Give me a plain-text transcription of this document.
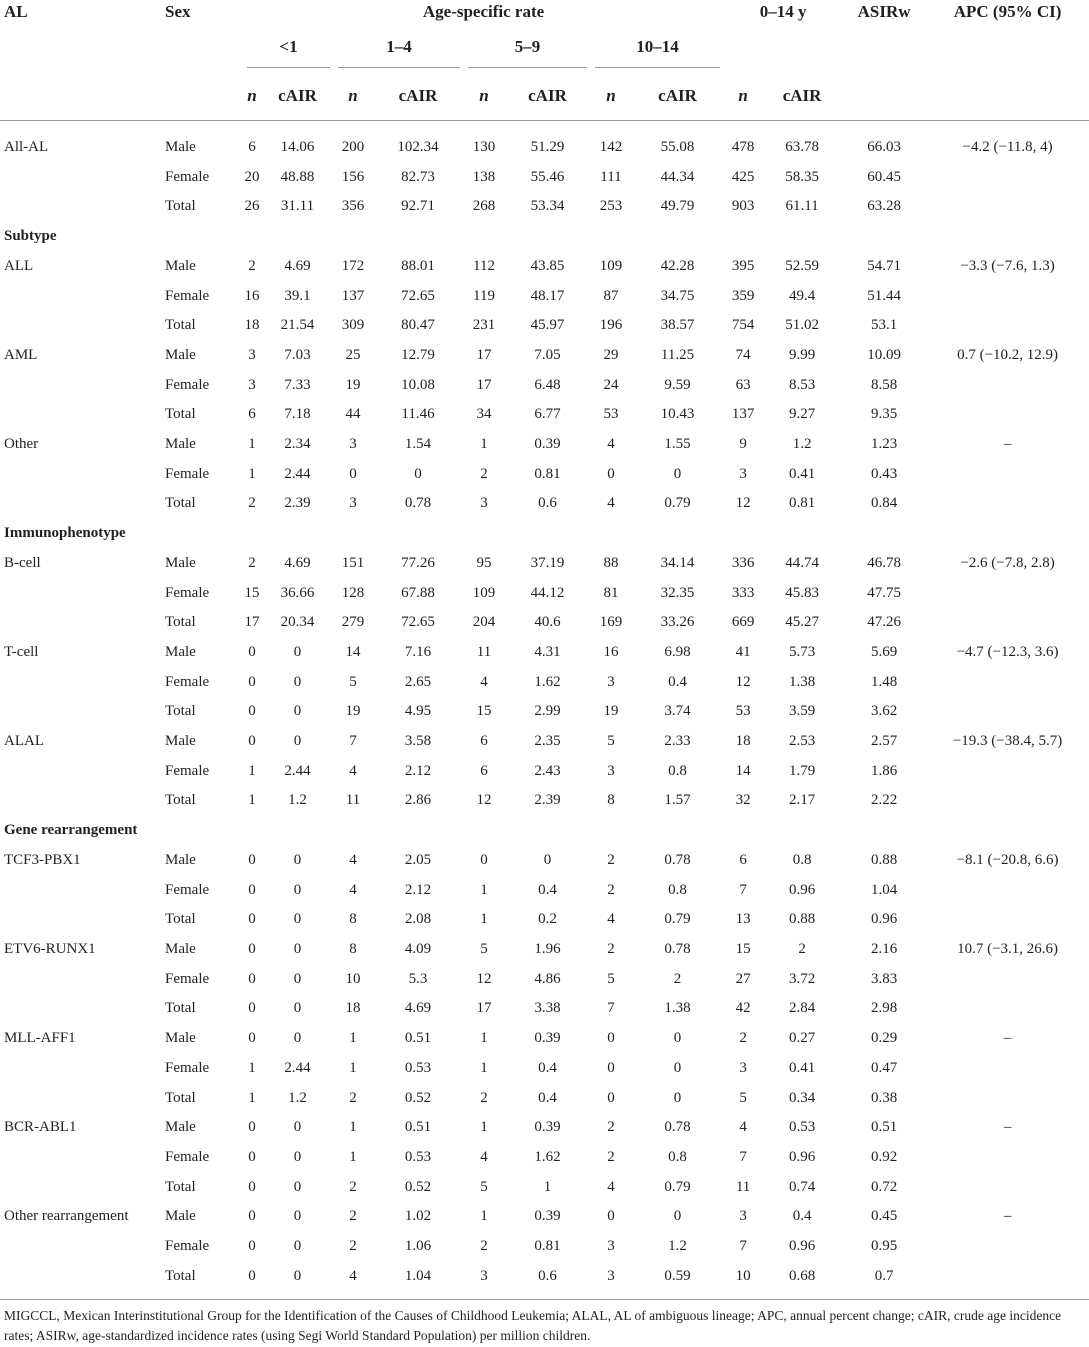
AL	Sex	Age-specific rate								0–14 y		ASIRw	APC (95% CI)

		<1		1–4		5–9		10–14					

		n	cAIR	n	cAIR	n	cAIR	n	cAIR	n	cAIR		

All-AL	Male	6	14.06	200	102.34	130	51.29	142	55.08	478	63.78	66.03	−4.2 (−11.8, 4)
	Female	20	48.88	156	82.73	138	55.46	111	44.34	425	58.35	60.45	
	Total	26	31.11	356	92.71	268	53.34	253	49.79	903	61.11	63.28	
Subtype													
ALL	Male	2	4.69	172	88.01	112	43.85	109	42.28	395	52.59	54.71	−3.3 (−7.6, 1.3)
	Female	16	39.1	137	72.65	119	48.17	87	34.75	359	49.4	51.44	
	Total	18	21.54	309	80.47	231	45.97	196	38.57	754	51.02	53.1	
AML	Male	3	7.03	25	12.79	17	7.05	29	11.25	74	9.99	10.09	0.7 (−10.2, 12.9)
	Female	3	7.33	19	10.08	17	6.48	24	9.59	63	8.53	8.58	
	Total	6	7.18	44	11.46	34	6.77	53	10.43	137	9.27	9.35	
Other	Male	1	2.34	3	1.54	1	0.39	4	1.55	9	1.2	1.23	–
	Female	1	2.44	0	0	2	0.81	0	0	3	0.41	0.43	
	Total	2	2.39	3	0.78	3	0.6	4	0.79	12	0.81	0.84	
Immunophenotype													
B-cell	Male	2	4.69	151	77.26	95	37.19	88	34.14	336	44.74	46.78	−2.6 (−7.8, 2.8)
	Female	15	36.66	128	67.88	109	44.12	81	32.35	333	45.83	47.75	
	Total	17	20.34	279	72.65	204	40.6	169	33.26	669	45.27	47.26	
T-cell	Male	0	0	14	7.16	11	4.31	16	6.98	41	5.73	5.69	−4.7 (−12.3, 3.6)
	Female	0	0	5	2.65	4	1.62	3	0.4	12	1.38	1.48	
	Total	0	0	19	4.95	15	2.99	19	3.74	53	3.59	3.62	
ALAL	Male	0	0	7	3.58	6	2.35	5	2.33	18	2.53	2.57	−19.3 (−38.4, 5.7)
	Female	1	2.44	4	2.12	6	2.43	3	0.8	14	1.79	1.86	
	Total	1	1.2	11	2.86	12	2.39	8	1.57	32	2.17	2.22	
Gene rearrangement													
TCF3-PBX1	Male	0	0	4	2.05	0	0	2	0.78	6	0.8	0.88	−8.1 (−20.8, 6.6)
	Female	0	0	4	2.12	1	0.4	2	0.8	7	0.96	1.04	
	Total	0	0	8	2.08	1	0.2	4	0.79	13	0.88	0.96	
ETV6-RUNX1	Male	0	0	8	4.09	5	1.96	2	0.78	15	2	2.16	10.7 (−3.1, 26.6)
	Female	0	0	10	5.3	12	4.86	5	2	27	3.72	3.83	
	Total	0	0	18	4.69	17	3.38	7	1.38	42	2.84	2.98	
MLL-AFF1	Male	0	0	1	0.51	1	0.39	0	0	2	0.27	0.29	–
	Female	1	2.44	1	0.53	1	0.4	0	0	3	0.41	0.47	
	Total	1	1.2	2	0.52	2	0.4	0	0	5	0.34	0.38	
BCR-ABL1	Male	0	0	1	0.51	1	0.39	2	0.78	4	0.53	0.51	–
	Female	0	0	1	0.53	4	1.62	2	0.8	7	0.96	0.92	
	Total	0	0	2	0.52	5	1	4	0.79	11	0.74	0.72	
Other rearrangement	Male	0	0	2	1.02	1	0.39	0	0	3	0.4	0.45	–
	Female	0	0	2	1.06	2	0.81	3	1.2	7	0.96	0.95	
	Total	0	0	4	1.04	3	0.6	3	0.59	10	0.68	0.7	
MIGCCL, Mexican Interinstitutional Group for the Identification of the Causes of Childhood Leukemia; ALAL, AL of ambiguous lineage; APC, annual percent change; cAIR, crude age incidence rates; ASIRw, age-standardized incidence rates (using Segi World Standard Population) per million children.
